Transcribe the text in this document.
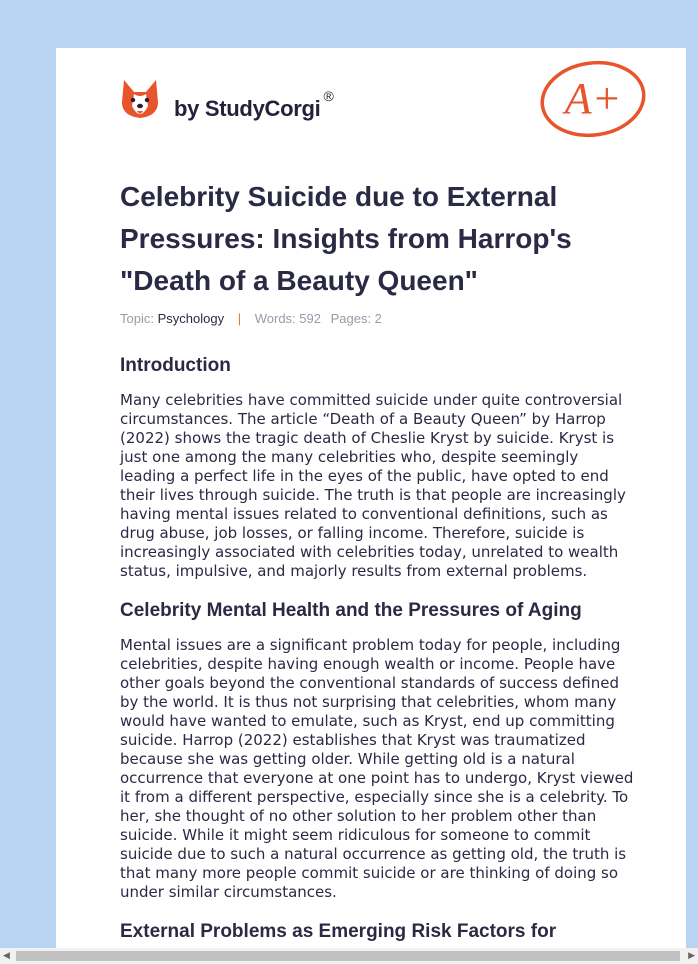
by StudyCorgi ®	A+
Celebrity Suicide due to External Pressures: Insights from Harrop's "Death of a Beauty Queen"
Topic: Psychology | Words: 592 Pages: 2
Introduction

Many celebrities have committed suicide under quite controversial circumstances. The article “Death of a Beauty Queen” by Harrop (2022) shows the tragic death of Cheslie Kryst by suicide. Kryst is just one among the many celebrities who, despite seemingly leading a perfect life in the eyes of the public, have opted to end their lives through suicide. The truth is that people are increasingly having mental issues related to conventional definitions, such as drug abuse, job losses, or falling income. Therefore, suicide is increasingly associated with celebrities today, unrelated to wealth status, impulsive, and majorly results from external problems.

Celebrity Mental Health and the Pressures of Aging

Mental issues are a significant problem today for people, including celebrities, despite having enough wealth or income. People have other goals beyond the conventional standards of success defined by the world. It is thus not surprising that celebrities, whom many would have wanted to emulate, such as Kryst, end up committing suicide. Harrop (2022) establishes that Kryst was traumatized because she was getting older. While getting old is a natural occurrence that everyone at one point has to undergo, Kryst viewed it from a different perspective, especially since she is a celebrity. To her, she thought of no other solution to her problem other than suicide. While it might seem ridiculous for someone to commit suicide due to such a natural occurrence as getting old, the truth is that many more people commit suicide or are thinking of doing so under similar circumstances.

External Problems as Emerging Risk Factors for
◀	▶
